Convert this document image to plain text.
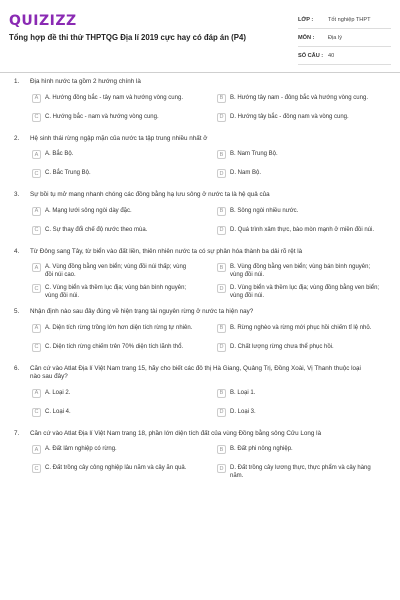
QUIZIZZ
Tổng hợp đề thi thử THPTQG Địa lí 2019 cực hay có đáp án (P4)
LỚP :	Tốt nghiệp THPT
MÔN :	Địa lý
SỐ CÂU : 40
1.	Địa hình nước ta gồm 2 hướng chính là
A	A. Hướng đông bắc - tây nam và hướng vòng cung.	B	B. Hướng tây nam - đông bắc và hướng vòng cung.
C	C. Hướng bắc - nam và hướng vòng cung.	D	D. Hướng tây bắc - đông nam và vòng cung.
2.	Hệ sinh thái rừng ngập mặn của nước ta tập trung nhiều nhất ở
A	A. Bắc Bộ.	B	B. Nam Trung Bộ.
C	C. Bắc Trung Bộ.	D	D. Nam Bộ.
3.	Sự bồi tụ mở mang nhanh chóng các đồng bằng hạ lưu sông ở nước ta là hệ quả của
A	A. Mạng lưới sông ngòi dày đặc.	B	B. Sông ngòi nhiều nước.
C	C. Sự thay đổi chế độ nước theo mùa.	D	D. Quá trình xâm thực, bào mòn mạnh ở miền đồi núi.
4.	Từ Đông sang Tây, từ biển vào đất liền, thiên nhiên nước ta có sự phân hóa thành ba dải rõ rệt là
A	A. Vùng đồng bằng ven biển; vùng đồi núi thấp; vùng đồi núi cao.
B	B. Vùng đồng bằng ven biển; vùng bán bình nguyên; vùng đồi núi.
C	C. Vùng biển và thềm lục địa; vùng bán bình nguyên; vùng đồi núi.
D	D. Vùng biển và thềm lục địa; vùng đồng bằng ven biển; vùng đồi núi.
5.	Nhận định nào sau đây đúng về hiện trạng tài nguyên rừng ở nước ta hiện nay?
A	A. Diện tích rừng trồng lớn hơn diện tích rừng tự nhiên.	B	B. Rừng nghèo và rừng mới phục hồi chiếm tỉ lệ nhỏ.
C	C. Diện tích rừng chiếm trên 70% diện tích lãnh thổ.	D	D. Chất lượng rừng chưa thể phục hồi.
6.	Căn cứ vào Atlat Địa lí Việt Nam trang 15, hãy cho biết các đô thị Hà Giang, Quảng Trị, Đồng Xoài, Vị Thanh thuộc loại nào sau đây?
A	A. Loại 2.	B	B. Loại 1.
C	C. Loại 4.	D	D. Loại 3.
7.	Căn cứ vào Atlat Địa lí Việt Nam trang 18, phần lớn diện tích đất của vùng Đồng bằng sông Cửu Long là
A	A. Đất lâm nghiệp có rừng.	B	B. Đất phi nông nghiệp.
C	C. Đất trồng cây công nghiệp lâu năm và cây ăn quả.	D	D. Đất trồng cây lương thực, thực phẩm và cây hàng năm.
